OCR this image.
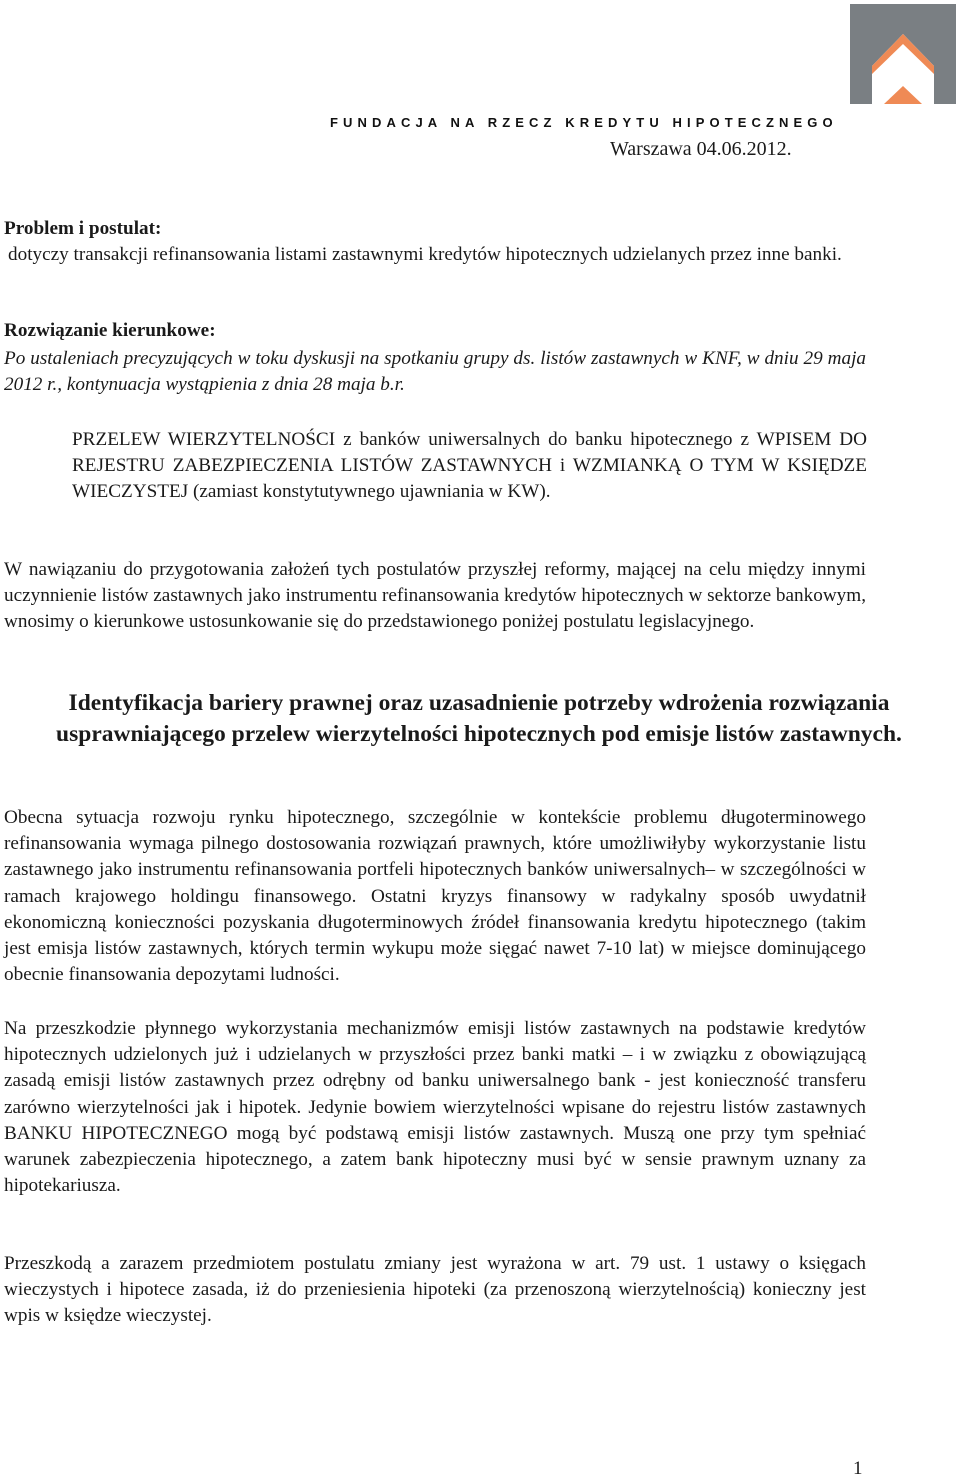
FUNDACJA NA RZECZ KREDYTU HIPOTECZNEGO
Warszawa 04.06.2012.
Problem i postulat:
dotyczy transakcji refinansowania listami zastawnymi kredytów hipotecznych udzielanych przez inne banki.
Rozwiązanie kierunkowe:
Po ustaleniach precyzujących w toku dyskusji na spotkaniu grupy ds. listów zastawnych w KNF, w dniu 29 maja 2012 r., kontynuacja wystąpienia z dnia 28 maja b.r.
PRZELEW WIERZYTELNOŚCI z banków uniwersalnych do banku hipotecznego z WPISEM DO REJESTRU ZABEZPIECZENIA LISTÓW ZASTAWNYCH i WZMIANKĄ O TYM W KSIĘDZE WIECZYSTEJ (zamiast konstytutywnego ujawniania w KW).
W nawiązaniu do przygotowania założeń tych postulatów przyszłej reformy, mającej na celu między innymi uczynnienie listów zastawnych jako instrumentu refinansowania kredytów hipotecznych w sektorze bankowym, wnosimy o kierunkowe ustosunkowanie się do przedstawionego poniżej postulatu legislacyjnego.
Identyfikacja bariery prawnej oraz uzasadnienie potrzeby wdrożenia rozwiązania usprawniającego przelew wierzytelności hipotecznych pod emisje listów zastawnych.
Obecna sytuacja rozwoju rynku hipotecznego, szczególnie w kontekście problemu długoterminowego refinansowania wymaga pilnego dostosowania rozwiązań prawnych, które umożliwiłyby wykorzystanie listu zastawnego jako instrumentu refinansowania portfeli hipotecznych banków uniwersalnych– w szczególności w ramach krajowego holdingu finansowego. Ostatni kryzys finansowy w radykalny sposób uwydatnił ekonomiczną konieczności pozyskania długoterminowych źródeł finansowania kredytu hipotecznego (takim jest emisja listów zastawnych, których termin wykupu może sięgać nawet 7-10 lat) w miejsce dominującego obecnie finansowania depozytami ludności.
Na przeszkodzie płynnego wykorzystania mechanizmów emisji listów zastawnych na podstawie kredytów hipotecznych udzielonych już i udzielanych w przyszłości przez banki matki – i w związku z obowiązującą zasadą emisji listów zastawnych przez odrębny od banku uniwersalnego bank - jest konieczność transferu zarówno wierzytelności jak i hipotek. Jedynie bowiem wierzytelności wpisane do rejestru listów zastawnych BANKU HIPOTECZNEGO mogą być podstawą emisji listów zastawnych. Muszą one przy tym spełniać warunek zabezpieczenia hipotecznego, a zatem bank hipoteczny musi być w sensie prawnym uznany za hipotekariusza.
Przeszkodą a zarazem przedmiotem postulatu zmiany jest wyrażona w art. 79 ust. 1 ustawy o księgach wieczystych i hipotece zasada, iż do przeniesienia hipoteki (za przenoszoną wierzytelnością) konieczny jest wpis w księdze wieczystej.
1
